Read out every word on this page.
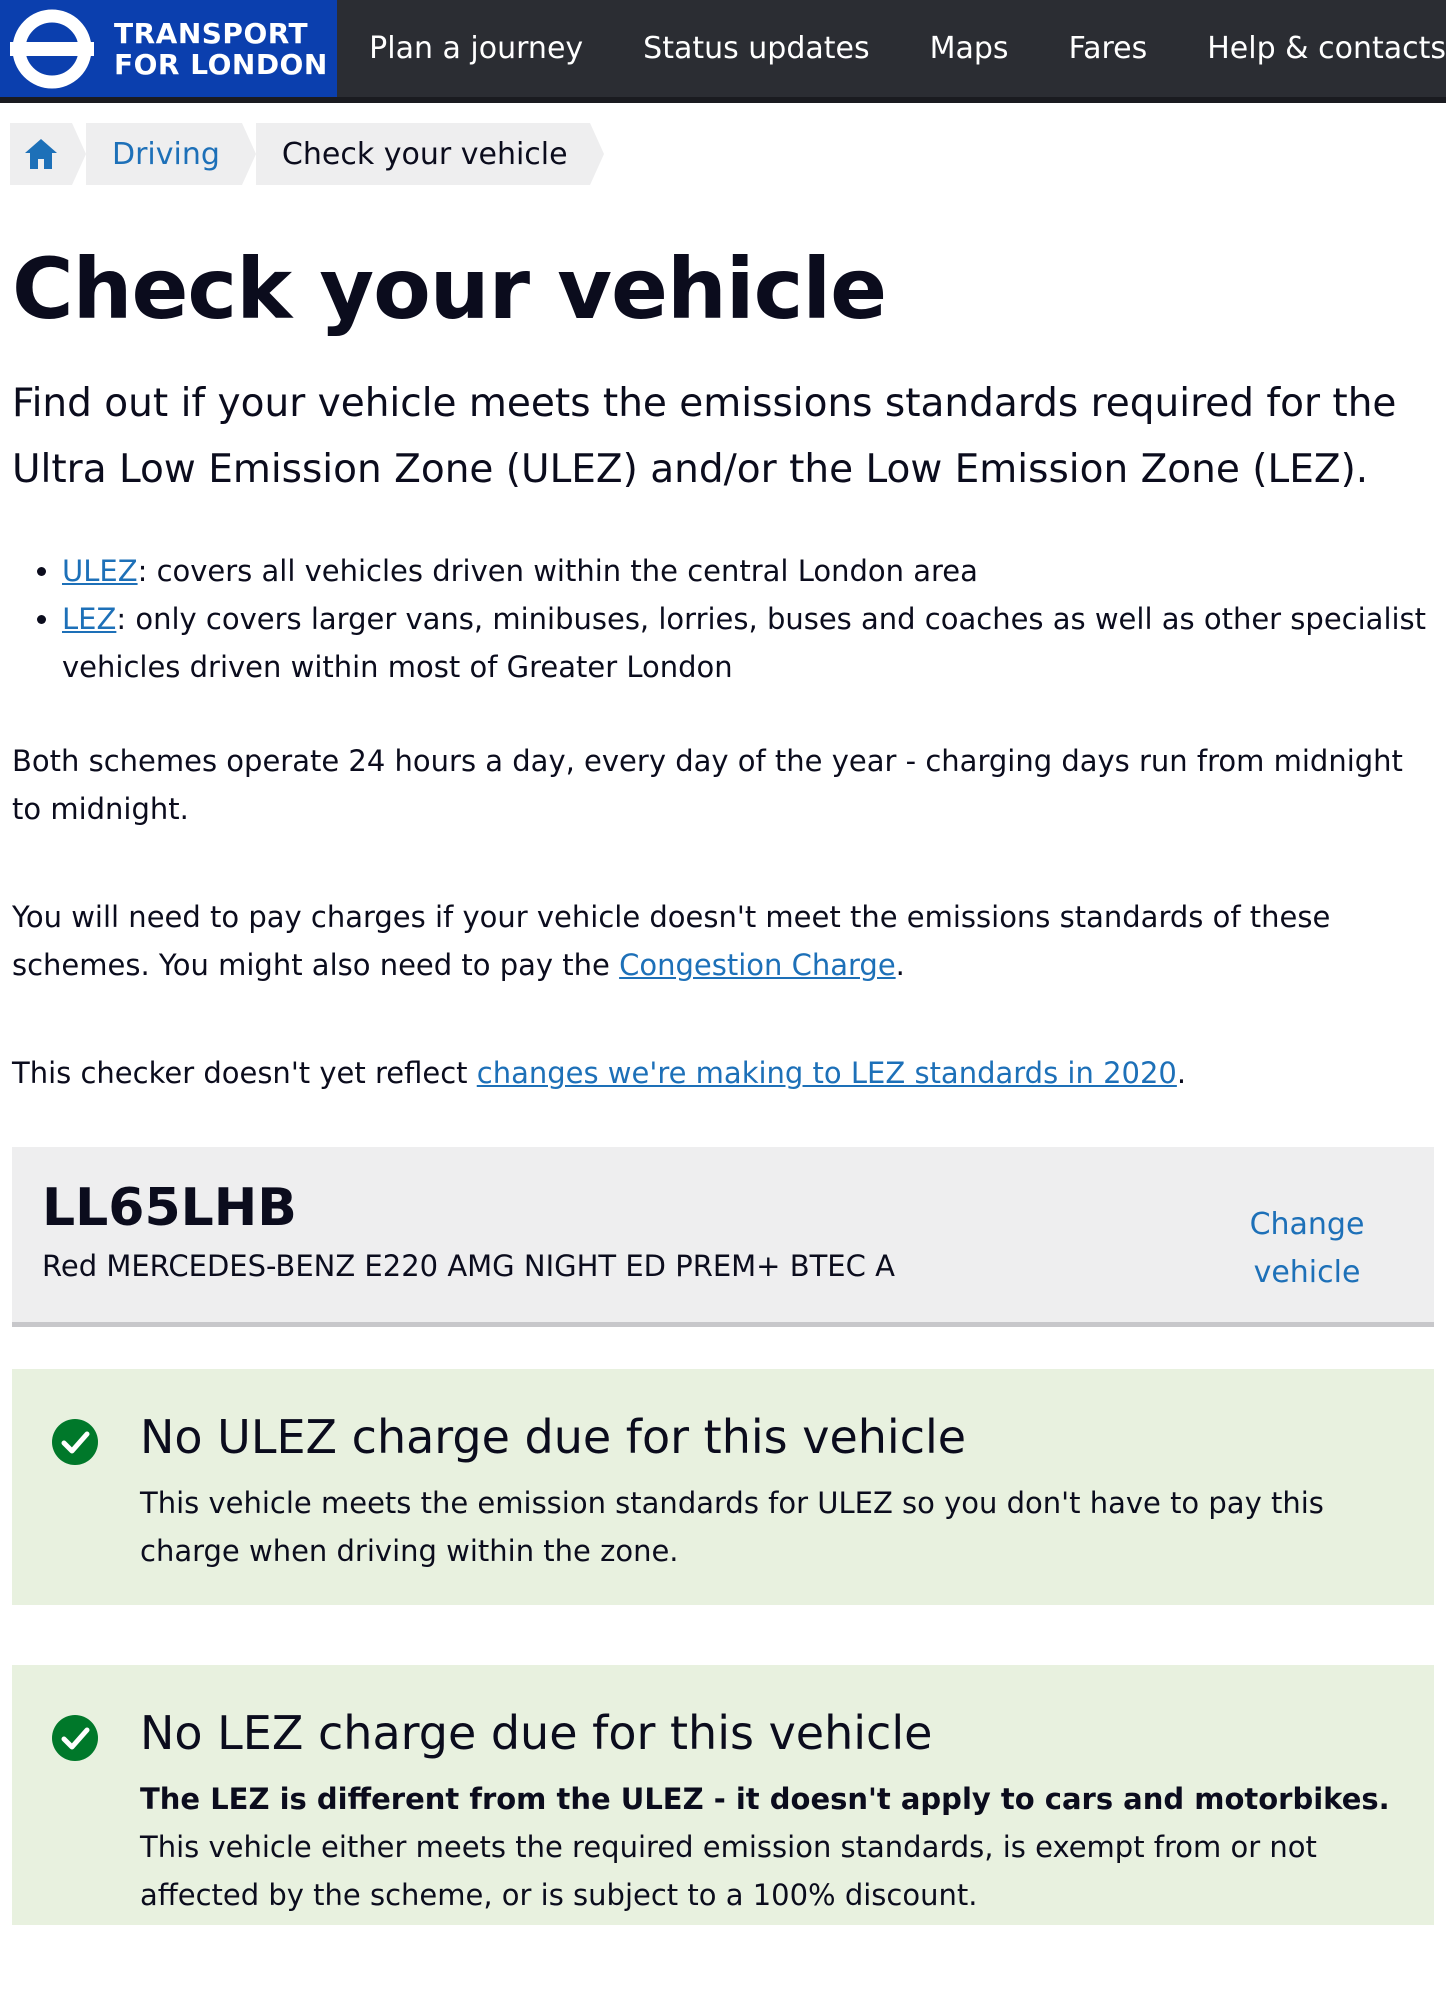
TRANSPORT
FOR LONDON Plan a journey Status updates Maps Fares Help & contacts
Driving	Check your vehicle
Check your vehicle

Find out if your vehicle meets the emissions standards required for the Ultra Low Emission Zone (ULEZ) and/or the Low Emission Zone (LEZ).

• ULEZ: covers all vehicles driven within the central London area
• LEZ: only covers larger vans, minibuses, lorries, buses and coaches as well as other specialist vehicles driven within most of Greater London

Both schemes operate 24 hours a day, every day of the year - charging days run from midnight to midnight.

You will need to pay charges if your vehicle doesn't meet the emissions standards of these schemes. You might also need to pay the Congestion Charge.

This checker doesn't yet reflect changes we're making to LEZ standards in 2020.

LL65LHB
Red MERCEDES-BENZ E220 AMG NIGHT ED PREM+ BTEC A
Change
vehicle
No ULEZ charge due for this vehicle

This vehicle meets the emission standards for ULEZ so you don't have to pay this charge when driving within the zone.

No LEZ charge due for this vehicle

The LEZ is different from the ULEZ - it doesn't apply to cars and motorbikes. This vehicle either meets the required emission standards, is exempt from or not affected by the scheme, or is subject to a 100% discount.
